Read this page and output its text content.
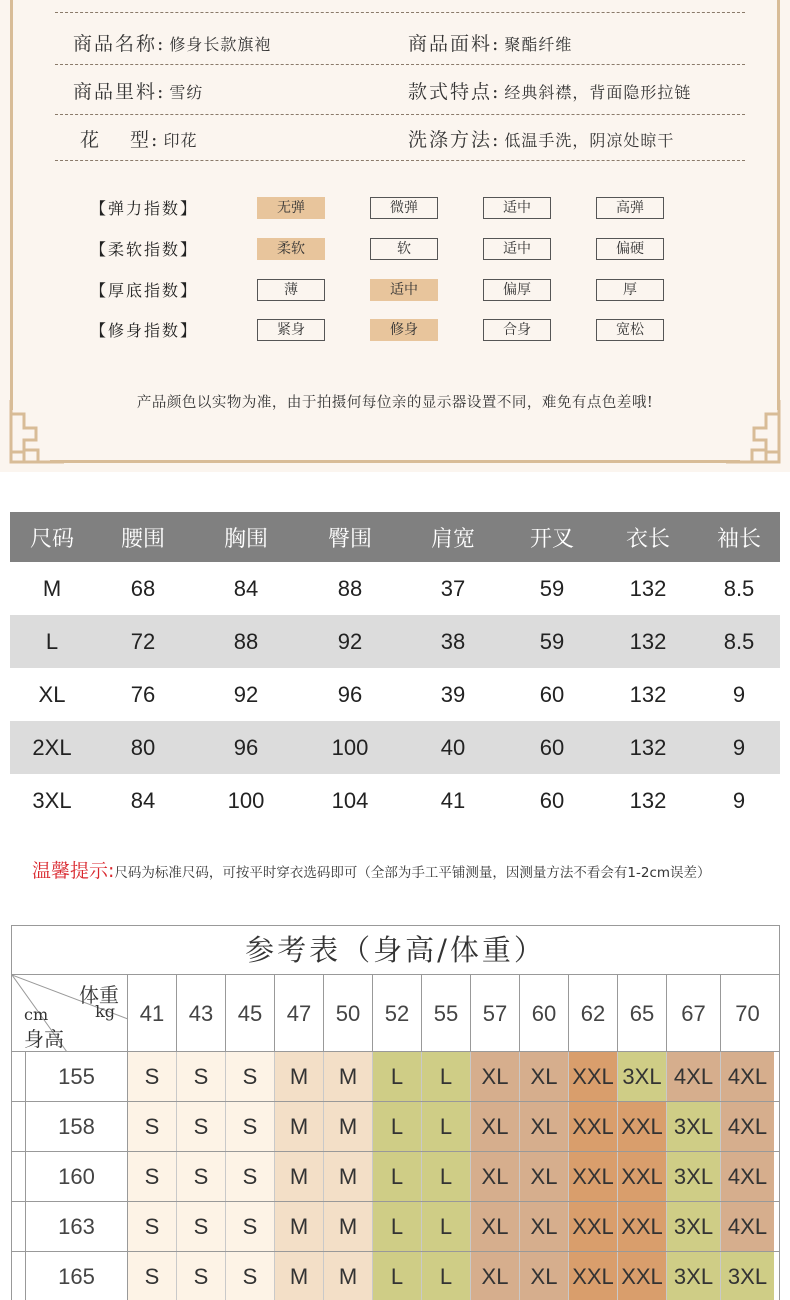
商品名称: 修身长款旗袍	商品面料: 聚酯纤维
商品里料: 雪纺	款式特点: 经典斜襟，背面隐形拉链
花　 型: 印花	洗涤方法: 低温手洗，阴凉处晾干
【弹力指数】	无弹	微弹	适中	高弹
【柔软指数】	柔软	软	适中	偏硬
【厚底指数】	薄	适中	偏厚	厚
【修身指数】	紧身	修身	合身	宽松
产品颜色以实物为准，由于拍摄何每位亲的显示器设置不同，难免有点色差哦!
尺码	腰围	胸围	臀围	肩宽	开叉	衣长	袖长
M	68	84	88	37	59	132	8.5
L	72	88	92	38	59	132	8.5
XL	76	92	96	39	60	132	9
2XL	80	96	100	40	60	132	9
3XL	84	100	104	41	60	132	9
温馨提示:尺码为标准尺码，可按平时穿衣选码即可（全部为手工平铺测量，因测量方法不看会有1-2cm误差）
参考表（身高/体重）
体重
kg
cm
身高
41	43	45	47	50	52	55	57	60	62	65	67	70
155	S	S	S	M	M	L	L	XL	XL XXL 3XL 4XL 4XL
158	S	S	S	M	M	L	L	XL	XL XXL XXL 3XL 4XL
160	S	S	S	M	M	L	L	XL	XL XXL XXL 3XL 4XL
163	S	S	S	M	M	L	L	XL	XL XXL XXL 3XL 4XL
165	S	S	S	M	M	L	L	XL	XL XXL XXL 3XL 3XL
